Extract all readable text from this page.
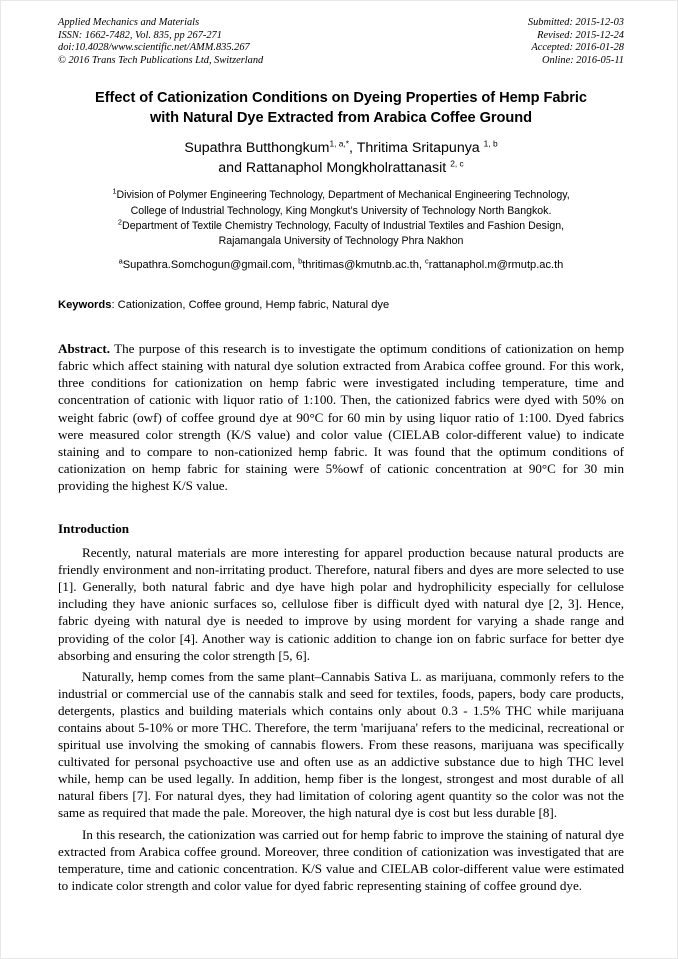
Applied Mechanics and Materials
ISSN: 1662-7482, Vol. 835, pp 267-271
doi:10.4028/www.scientific.net/AMM.835.267
© 2016 Trans Tech Publications Ltd, Switzerland
Submitted: 2015-12-03
Revised: 2015-12-24
Accepted: 2016-01-28
Online: 2016-05-11
Effect of Cationization Conditions on Dyeing Properties of Hemp Fabric
with Natural Dye Extracted from Arabica Coffee Ground
Supathra Butthongkum$^{1, a,*}$, Thritima Sritapunya $^{1, b}$
and Rattanaphol Mongkholrattanasit $^{2, c}$
$^1$Division of Polymer Engineering Technology, Department of Mechanical Engineering Technology,
College of Industrial Technology, King Mongkut’s University of Technology North Bangkok.
$^2$Department of Textile Chemistry Technology, Faculty of Industrial Textiles and Fashion Design,
Rajamangala University of Technology Phra Nakhon
$^a$Supathra.Somchogun@gmail.com, $^b$thritimas@kmutnb.ac.th, $^c$rattanaphol.m@rmutp.ac.th
Keywords: Cationization, Coffee ground, Hemp fabric, Natural dye
Abstract. The purpose of this research is to investigate the optimum conditions of cationization on hemp fabric which affect staining with natural dye solution extracted from Arabica coffee ground. For this work, three conditions for cationization on hemp fabric were investigated including temperature, time and concentration of cationic with liquor ratio of 1:100. Then, the cationized fabrics were dyed with 50% on weight fabric (owf) of coffee ground dye at 90°C for 60 min by using liquor ratio of 1:100. Dyed fabrics were measured color strength (K/S value) and color value (CIELAB color-different value) to indicate staining and to compare to non-cationized hemp fabric. It was found that the optimum conditions of cationization on hemp fabric for staining were 5%owf of cationic concentration at 90°C for 30 min providing the highest K/S value.
Introduction
Recently, natural materials are more interesting for apparel production because natural products are friendly environment and non-irritating product. Therefore, natural fibers and dyes are more selected to use [1]. Generally, both natural fabric and dye have high polar and hydrophilicity especially for cellulose including they have anionic surfaces so, cellulose fiber is difficult dyed with natural dye [2, 3]. Hence, fabric dyeing with natural dye is needed to improve by using mordent for varying a shade range and providing of the color [4]. Another way is cationic addition to change ion on fabric surface for better dye absorbing and ensuring the color strength [5, 6].
Naturally, hemp comes from the same plant–Cannabis Sativa L. as marijuana, commonly refers to the industrial or commercial use of the cannabis stalk and seed for textiles, foods, papers, body care products, detergents, plastics and building materials which contains only about 0.3 - 1.5% THC while marijuana contains about 5-10% or more THC. Therefore, the term 'marijuana' refers to the medicinal, recreational or spiritual use involving the smoking of cannabis flowers. From these reasons, marijuana was specifically cultivated for personal psychoactive use and often use as an addictive substance due to high THC level while, hemp can be used legally. In addition, hemp fiber is the longest, strongest and most durable of all natural fibers [7]. For natural dyes, they had limitation of coloring agent quantity so the color was not the same as required that made the pale. Moreover, the high natural dye is cost but less durable [8].
In this research, the cationization was carried out for hemp fabric to improve the staining of natural dye extracted from Arabica coffee ground. Moreover, three condition of cationization was investigated that are temperature, time and cationic concentration. K/S value and CIELAB color-different value were estimated to indicate color strength and color value for dyed fabric representing staining of coffee ground dye.
